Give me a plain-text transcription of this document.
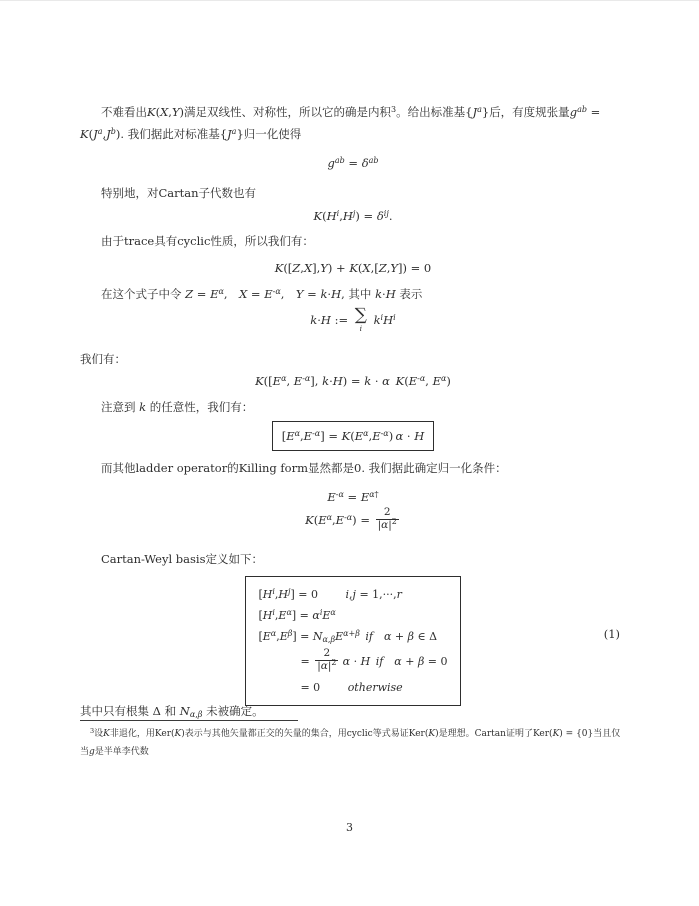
不难看出K(X,Y)满足双线性、对称性，所以它的确是内积$^3$。给出标准基$\{J^a\}$后，有度规张量$g^{ab}$ =
$K(J^a,J^b)$. 我们据此对标准基$\{J^a\}$归一化使得
$g^{ab} = \delta^{ab}$
特别地，对Cartan子代数也有
$K(H^i,H^j) = \delta^{ij}$.
由于trace具有cyclic性质，所以我们有：
K([Z,X],Y) + K(X,[Z,Y]) = 0
在这个式子中令 $Z = E^\alpha$, $X = E^{-\alpha}$, Y = k·H, 其中 k·H 表示
k·H := ∑
i
$k^iH^i$
我们有：
$K([E^\alpha$, $E^{-\alpha}$], k·H) = k · α  $K(E^{-\alpha}$, $E^\alpha$)
注意到 k 的任意性，我们有：
$[E^\alpha,E^{-\alpha}] = K(E^\alpha,E^{-\alpha}) \alpha \cdot H$
而其他ladder operator的Killing form显然都是0. 我们据此确定归一化条件：
$E^{-\alpha} = E^{\alpha\dagger}$
$K(E^\alpha,E^{-\alpha}) = \frac{2}{|\alpha|^2}$
Cartan-Weyl basis定义如下：
$[H^i,H^j] = 0$   i,j = 1,···,r
$[H^i,E^\alpha] = \alpha^iE^\alpha$
$[E^\alpha,E^\beta] = N_{\alpha,\beta}E^{\alpha+\beta}$  if  α + β ∈ Δ
     = $\frac{2}{|\alpha|^2}$
  α · H  if  α + β = 0
     = 0   otherwise
(1)
其中只有根集 Δ 和 $N_{\alpha,\beta}$ 未被确定。
$^3$设K非退化，用Ker(K)表示与其他矢量都正交的矢量的集合，用cyclic等式易证Ker(K)是理想。Cartan证明了Ker(K) = {0}当且仅当g是半单李代数
3
